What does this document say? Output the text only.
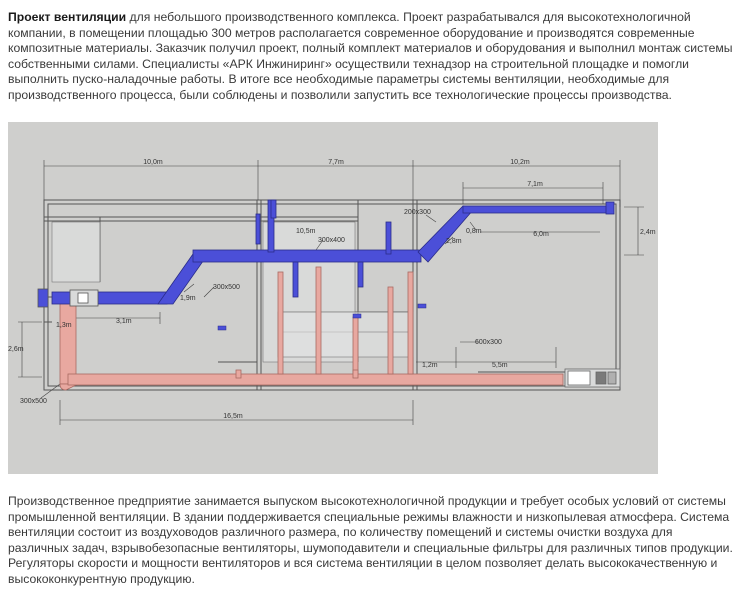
Проект вентиляции для небольшого производственного комплекса. Проект разрабатывался для высокотехнологичной компании, в помещении площадью 300 метров располагается современное оборудование и производятся современные композитные материалы. Заказчик получил проект, полный комплект материалов и оборудования и выполнил монтаж системы собственными силами. Специалисты «АРК Инжиниринг» осуществили технадзор на строительной площадке и помогли выполнить пуско-наладочные работы. В итоге все необходимые параметры системы вентиляции, необходимые для производственного процесса, были соблюдены и позволили запустить все технологические процессы производства.

10,0m	7,7m	10,2m
7,1m
2,4m
6,0m
0,8m
2,8m
10,5m
1,9m
3,1m
1,3m
2,6m
16,5m
1,2m	5,5m
300x500
300x400
200x300
600x300
300x500

Производственное предприятие занимается выпуском высокотехнологичной продукции и требует особых условий от системы промышленной вентиляции. В здании поддерживается специальные режимы влажности и низкопылевая атмосфера. Система вентиляции состоит из воздуховодов различного размера, по количеству помещений и системы очистки воздуха для различных задач, взрывобезопасные вентиляторы, шумоподавители и специальные фильтры для различных типов продукции. Регуляторы скорости и мощности вентиляторов и вся система вентиляции в целом позволяет делать высококачественную и высококонкурентную продукцию.
